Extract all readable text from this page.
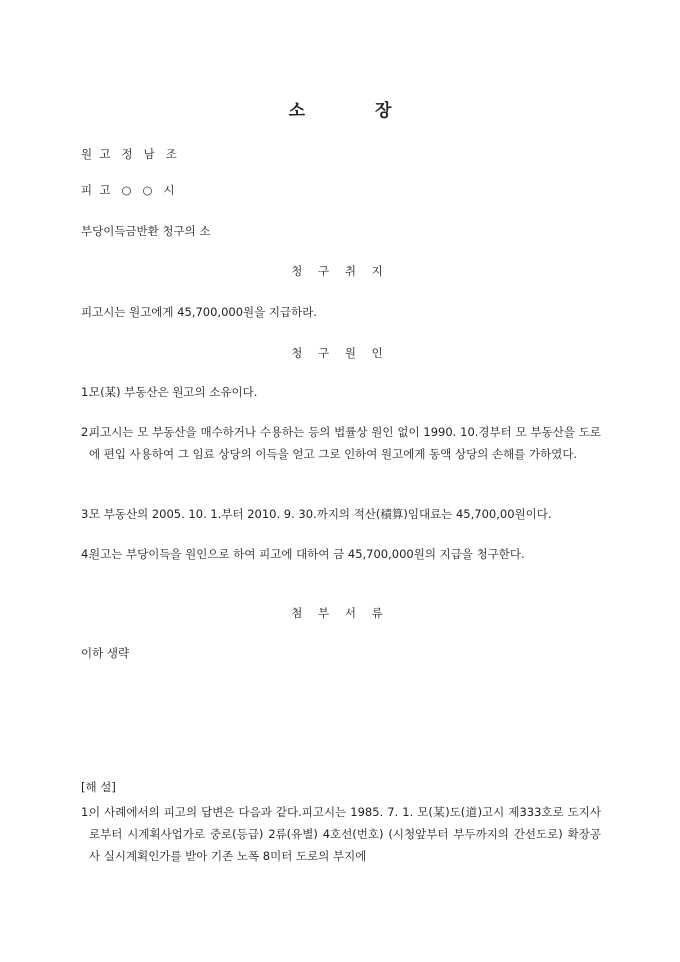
소	장
원  고   정   남   조
피  고   ○   ○   시
부당이득금반환 청구의 소
청 구 취 지
피고시는 원고에게 45,700,000원을 지급하라.
청 구 원 인
1.
모(某) 부동산은 원고의 소유이다.
2.
피고시는 모 부동산을 매수하거나 수용하는 등의 법률상 원인 없이 1990. 10.경부터 모 부동산을 도로에 편입 사용하여 그 임료 상당의 이득을 얻고 그로 인하여 원고에게 동액 상당의 손해를 가하였다.
3.
모 부동산의 2005. 10. 1.부터 2010. 9. 30.까지의 적산(積算)임대료는 45,700,00원이다.
4.
원고는 부당이득을 원인으로 하여 피고에 대하여 금 45,700,000원의 지급을 청구한다.
첨 부 서 류
이하 생략
[해 설]
1.
이 사례에서의 피고의 답변은 다음과 같다.피고시는 1985. 7. 1. 모(某)도(道)고시 제333호로 도지사로부터 시계획사업가로 중로(등급) 2류(유별) 4호선(번호) (시청앞부터 부두까지의 간선도로) 확장공사 실시계획인가를 받아 기존 노폭 8미터 도로의 부지에
